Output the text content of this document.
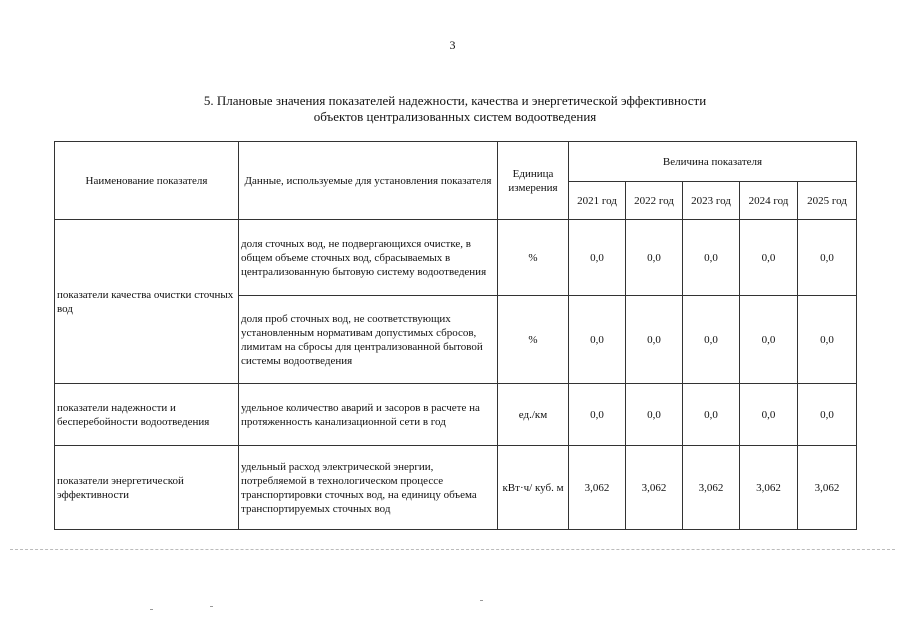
3
5. Плановые значения показателей надежности, качества и энергетической эффективности
объектов централизованных систем водоотведения
Наименование показателя	Данные, используемые для установления показателя	Единица измерения	Величина показателя				
			2021 год	2022 год	2023 год	2024 год	2025 год
показатели качества очистки сточных вод	доля сточных вод, не подвергающихся очистке, в общем объеме сточных вод, сбрасываемых в централизованную бытовую систему водоотведения	%	0,0	0,0	0,0	0,0	0,0
	доля проб сточных вод, не соответствующих установленным нормативам допустимых сбросов, лимитам на сбросы для централизованной бытовой системы водоотведения	%	0,0	0,0	0,0	0,0	0,0
показатели надежности и бесперебойности водоотведения	удельное количество аварий и засоров в расчете на протяженность канализационной сети в год	ед./км	0,0	0,0	0,0	0,0	0,0
показатели энергетической эффективности	удельный расход электрической энергии, потребляемой в технологическом процессе транспортировки сточных вод, на единицу объема транспортируемых сточных вод	кВт·ч/ куб. м	3,062	3,062	3,062	3,062	3,062
